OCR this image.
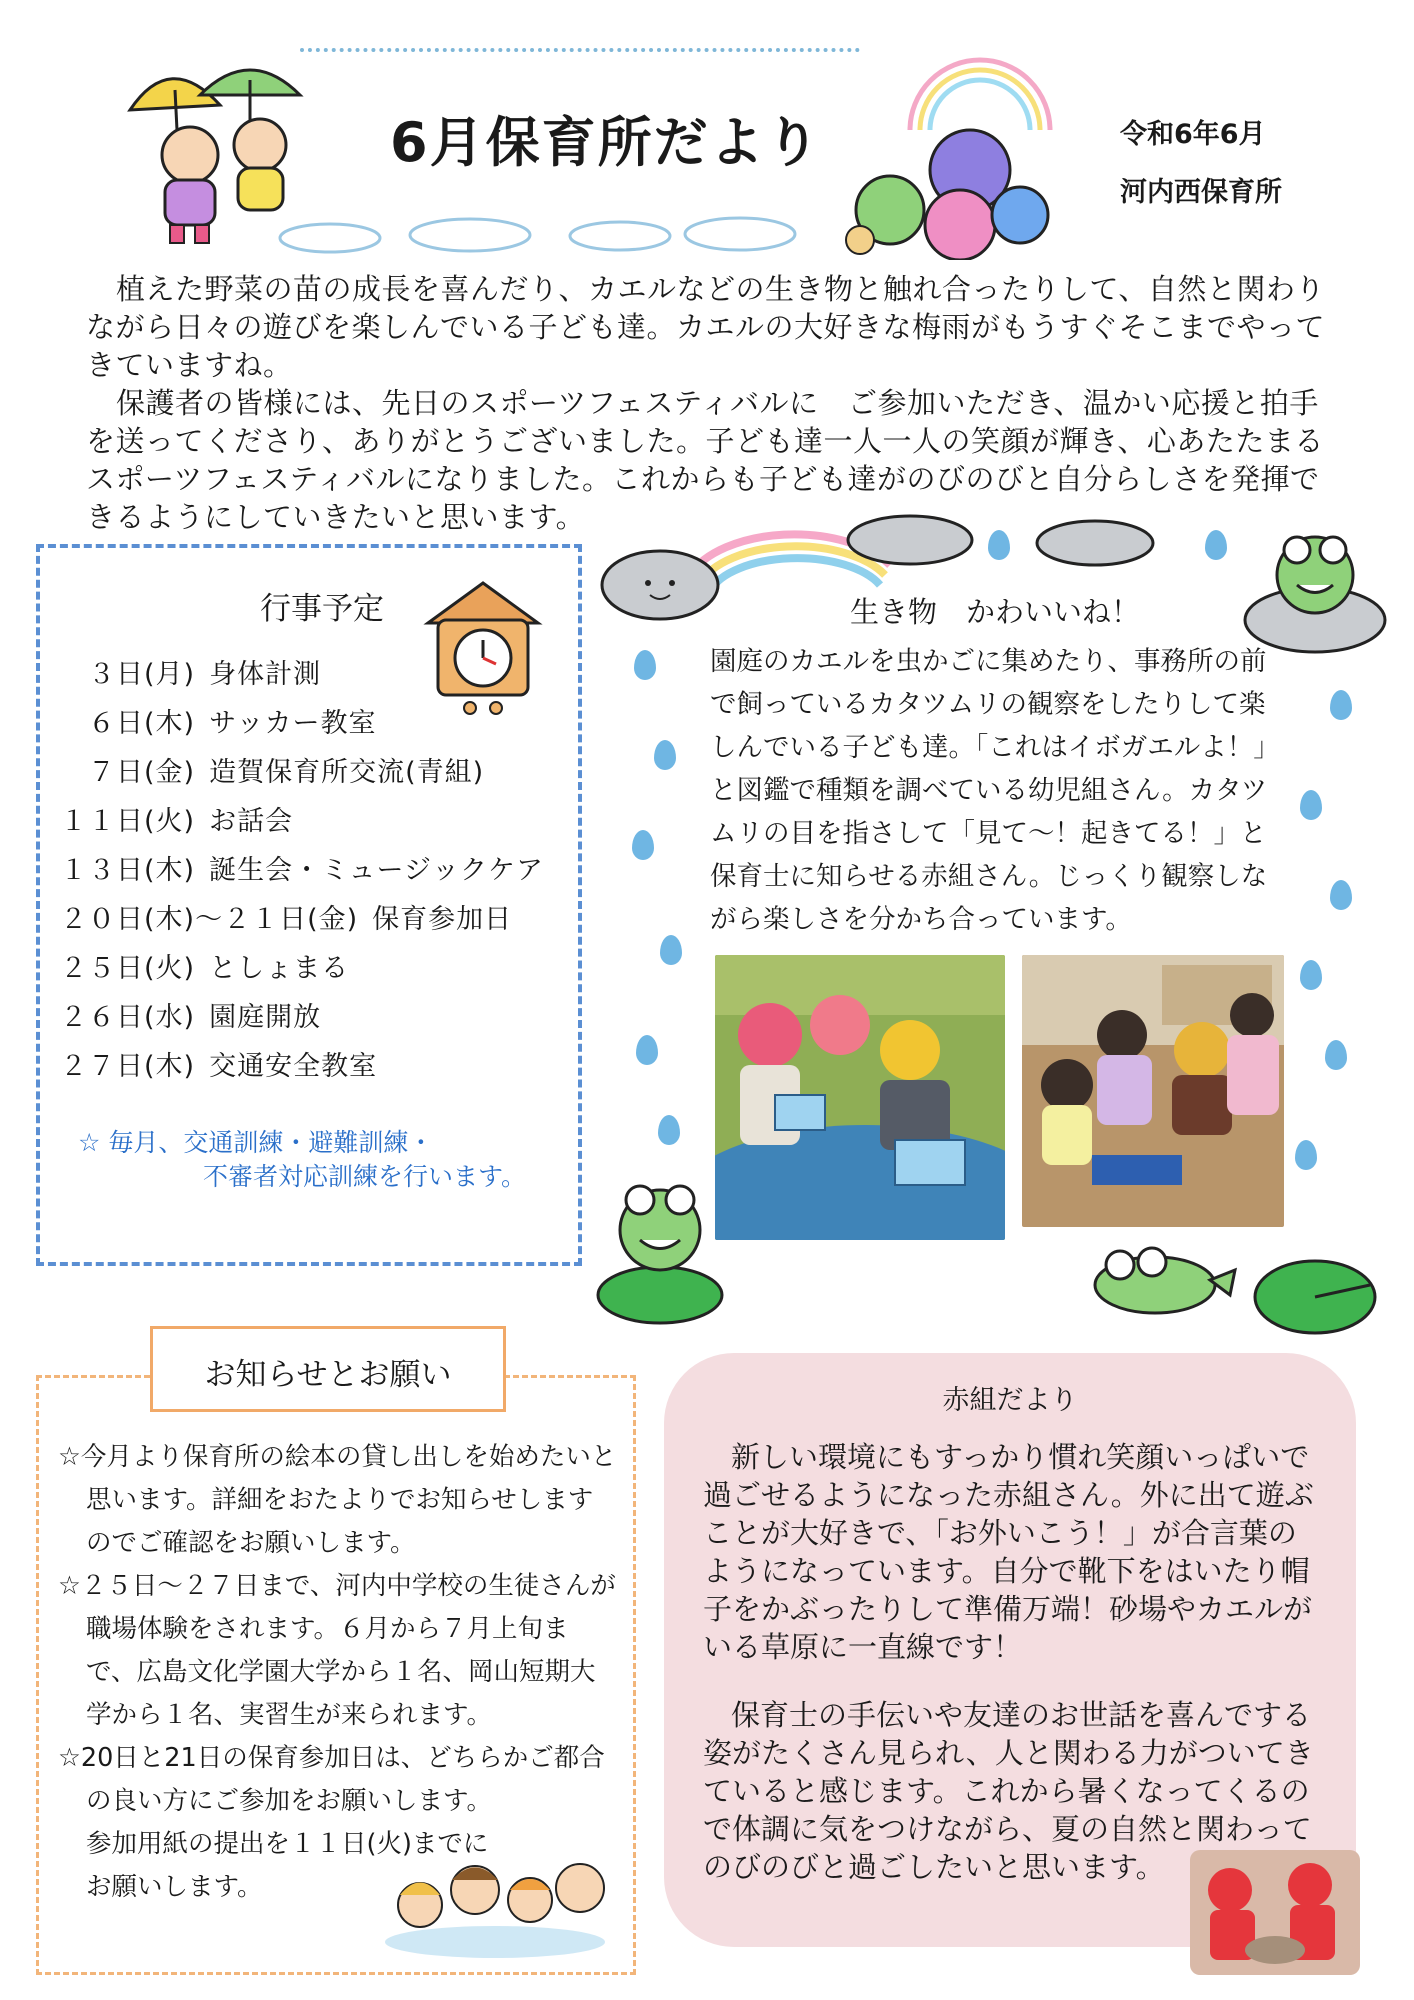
6月保育所だより	令和6年6月
河内西保育所

植えた野菜の苗の成長を喜んだり、カエルなどの生き物と触れ合ったりして、自然と関わりながら日々の遊びを楽しんでいる子ども達。カエルの大好きな梅雨がもうすぐそこまでやってきていますね。

保護者の皆様には、先日のスポーツフェスティバルに　ご参加いただき、温かい応援と拍手を送ってくださり、ありがとうございました。子ども達一人一人の笑顔が輝き、心あたたまるスポーツフェスティバルになりました。これからも子ども達がのびのびと自分らしさを発揮できるようにしていきたいと思います。

行事予定
　３日(月) 身体計測
　６日(木) サッカー教室
　７日(金) 造賀保育所交流(青組)
１１日(火) お話会
１３日(木) 誕生会・ミュージックケア
２０日(木)～２１日(金) 保育参加日
２５日(火) としょまる
２６日(水) 園庭開放
２７日(木) 交通安全教室
☆ 毎月、交通訓練・避難訓練・
　　　　　不審者対応訓練を行います。
生き物　かわいいね！
園庭のカエルを虫かごに集めたり、事務所の前で飼っているカタツムリの観察をしたりして楽しんでいる子ども達。「これはイボガエルよ！」と図鑑で種類を調べている幼児組さん。カタツムリの目を指さして「見て～！起きてる！」と保育士に知らせる赤組さん。じっくり観察しながら楽しさを分かち合っています。
お知らせとお願い

☆今月より保育所の絵本の貸し出しを始めたいと思います。詳細をおたよりでお知らせしますのでご確認をお願いします。

☆２５日～２７日まで、河内中学校の生徒さんが職場体験をされます。６月から７月上旬まで、広島文化学園大学から１名、岡山短期大学から１名、実習生が来られます。

☆20日と21日の保育参加日は、どちらかご都合の良い方にご参加をお願いします。

参加用紙の提出を１１日(火)までにお願いします。

赤組だより

新しい環境にもすっかり慣れ笑顔いっぱいで過ごせるようになった赤組さん。外に出て遊ぶことが大好きで、「お外いこう！」が合言葉のようになっています。自分で靴下をはいたり帽子をかぶったりして準備万端！砂場やカエルがいる草原に一直線です！

保育士の手伝いや友達のお世話を喜んでする姿がたくさん見られ、人と関わる力がついてきていると感じます。これから暑くなってくるので体調に気をつけながら、夏の自然と関わってのびのびと過ごしたいと思います。
